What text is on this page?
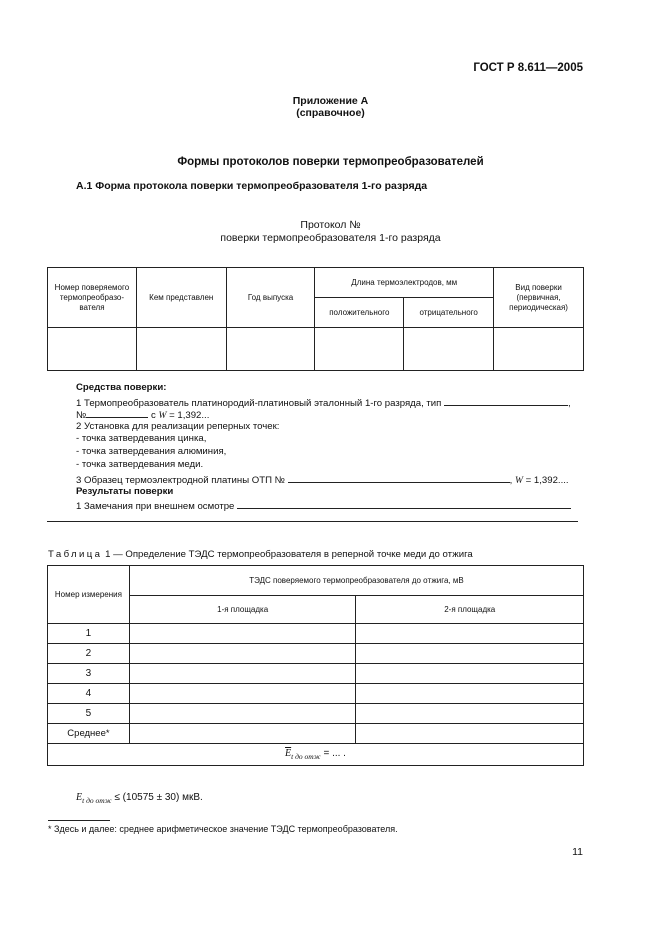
ГОСТ Р 8.611—2005
Приложение А
(справочное)
Формы протоколов поверки термопреобразователей
А.1 Форма протокола поверки термопреобразователя 1-го разряда
Протокол №
поверки термопреобразователя 1-го разряда
Номер поверяемого термопреобразо-вателя	Кем представлен	Год выпуска	Длина термоэлектродов, мм		Вид поверки (первичная, периодическая)
			положительного	отрицательного	

Средства поверки:
1 Термопреобразователь платинородий-платиновый эталонный 1-го разряда, тип	,
№	с W = 1,392...
2 Установка для реализации реперных точек:
- точка затвердевания цинка,
- точка затвердевания алюминия,
- точка затвердевания меди.
3 Образец термоэлектродной платины ОТП №	, W = 1,392....
Результаты поверки
1 Замечания при внешнем осмотре
Таблица 1 — Определение ТЭДС термопреобразователя в реперной точке меди до отжига
Номер измерения	ТЭДС поверяемого термопреобразователя до отжига, мВ	
	1-я площадка	2-я площадка
1		
2		
3		
4		
5		
Среднее*		
$\overline{E}_{t до отж}$ = ... .		
$E_{t до отж} \le (10575 \pm 30)$ мкВ.
* Здесь и далее: среднее арифметическое значение ТЭДС термопреобразователя.
11
